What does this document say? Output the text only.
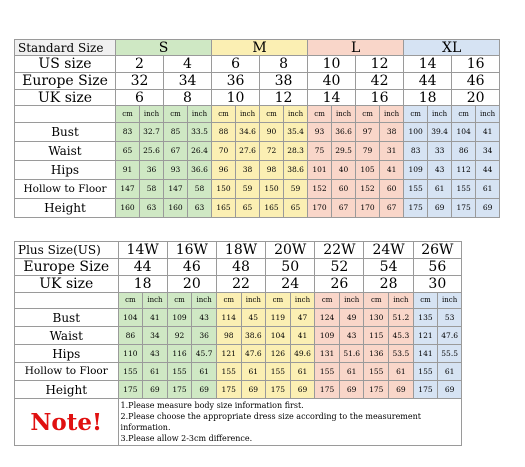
Standard Size	S				M				L				XL			
US size	2		4		6		8		10		12		14		16	
Europe Size	32		34		36		38		40		42		44		46	
UK size	6		8		10		12		14		16		18		20	
	cm	inch	cm	inch	cm	inch	cm	inch	cm	inch	cm	inch	cm	inch	cm	inch
Bust	83	32.7	85	33.5	88	34.6	90	35.4	93	36.6	97	38	100	39.4	104	41
Waist	65	25.6	67	26.4	70	27.6	72	28.3	75	29.5	79	31	83	33	86	34
Hips	91	36	93	36.6	96	38	98	38.6	101	40	105	41	109	43	112	44
Hollow to Floor	147	58	147	58	150	59	150	59	152	60	152	60	155	61	155	61
Height	160	63	160	63	165	65	165	65	170	67	170	67	175	69	175	69
Plus Size(US)	14W		16W		18W		20W		22W		24W		26W	
Europe Size	44		46		48		50		52		54		56	
UK size	18		20		22		24		26		28		30	
	cm	inch	cm	inch	cm	inch	cm	inch	cm	inch	cm	inch	cm	inch
Bust	104	41	109	43	114	45	119	47	124	49	130	51.2	135	53
Waist	86	34	92	36	98	38.6	104	41	109	43	115	45.3	121	47.6
Hips	110	43	116	45.7	121	47.6	126	49.6	131	51.6	136	53.5	141	55.5
Hollow to Floor	155	61	155	61	155	61	155	61	155	61	155	61	155	61
Height	175	69	175	69	175	69	175	69	175	69	175	69	175	69
Note!	1.Please measure body size information first.
2.Please choose the appropriate dress size according to the measurement information.
3.Please allow 2-3cm difference.													
